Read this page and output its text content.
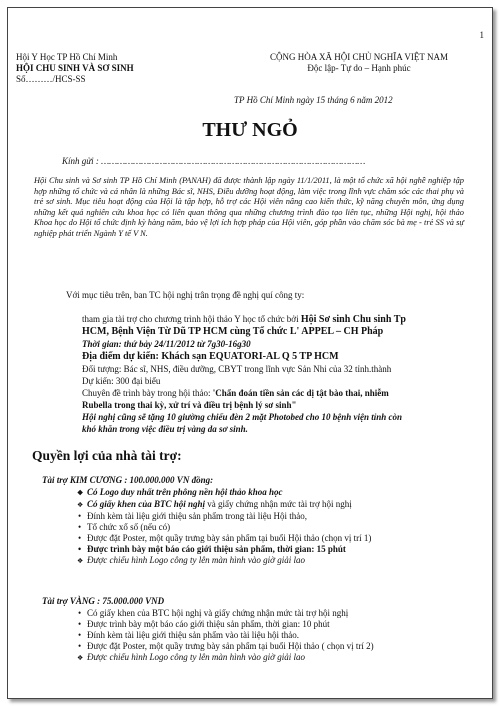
1
Hội Y Học TP Hồ Chí Minh
HỘI CHU SINH VÀ SƠ SINH
Số………/HCS-SS
CỘNG HÒA XÃ HỘI CHỦ NGHĨA VIỆT NAM
Độc lập- Tự do – Hạnh phúc
TP Hồ Chí Minh ngày 15 tháng 6 năm 2012
THƯ NGỎ
Kính gửi : ………………………………………………………………………………………
Hội Chu sinh và Sơ sinh TP Hồ Chí Minh (PANAH) đã được thành lập ngày 11/1/2011, là một tổ chức xã hội nghề nghiệp tập hợp những tổ chức và cá nhân là những Bác sĩ, NHS, Điều dưỡng hoạt động, làm việc trong lĩnh vực chăm sóc các thai phụ và trẻ sơ sinh. Mục tiêu hoạt động của Hội là tập hợp, hỗ trợ các Hội viên nâng cao kiến thức, kỹ năng chuyên môn, ứng dụng những kết quả nghiên cứu khoa học có liên quan thông qua những chương trình đào tạo liên tục, những Hội nghị, hội thảo Khoa học do Hội tổ chức định kỳ hàng năm, bảo vệ lợi ích hợp pháp của Hội viên, góp phần vào chăm sóc bà mẹ - trẻ SS và sự nghiệp phát triển Ngành Y tế V N.
Với mục tiêu trên, ban TC hội nghị trân trọng đề nghị quí công ty:
tham gia tài trợ cho chương trình hội thảo Y học tổ chức bởi Hội Sơ sinh Chu sinh Tp
HCM, Bệnh Viện Từ Dũ TP HCM cùng Tổ chức L' APPEL – CH Pháp
Thời gian: thứ bảy 24/11/2012 từ 7g30-16g30
Địa điểm dự kiến: Khách sạn EQUATORI-AL Q 5 TP HCM
Đối tượng: Bác sĩ, NHS, điều dưỡng, CBYT trong lĩnh vực Sản Nhi của 32 tỉnh.thành
Dự kiến: 300 đại biểu
Chuyên đề trình bày trong hội thảo: 'Chẩn đoán tiền sản các dị tật bào thai, nhiễm
Rubella trong thai kỳ, xử trí và điều trị bệnh lý sơ sinh"
Hội nghị cũng sẽ tặng 10 giường chiếu đèn 2 mặt Photobed cho 10 bệnh viện tỉnh còn
khó khăn trong việc điều trị vàng da sơ sinh.
Quyền lợi của nhà tài trợ:
Tài trợ KIM CƯƠNG : 100.000.000 VN đồng:
❖ Có Logo duy nhất trên phông nền hội thảo khoa học
❖ Có giấy khen của BTC hội nghị và giấy chứng nhận mức tài trợ hội nghị
• Đính kèm tài liệu giới thiệu sản phẩm trong tài liệu Hội thảo,
• Tổ chức xổ số (nếu có)
• Được đặt Poster, một quầy trưng bày sản phẩm tại buổi Hội thảo (chọn vị trí 1)
• Được trình bày một báo cáo giới thiệu sản phẩm, thời gian: 15 phút
❖ Được chiếu hình Logo công ty lên màn hình vào giờ giải lao
Tài trợ VÀNG : 75.000.000 VND
• Có giấy khen của BTC hội nghị và giấy chứng nhận mức tài trợ hội nghị
• Được trình bày một báo cáo giới thiệu sản phẩm, thời gian: 10 phút
• Đính kèm tài liệu giới thiệu sản phẩm vào tài liệu hội thảo.
• Được đặt Poster, một quầy trưng bày sản phẩm tại buổi Hội thảo ( chọn vị trí 2)
❖ Được chiếu hình Logo công ty lên màn hình vào giờ giải lao
